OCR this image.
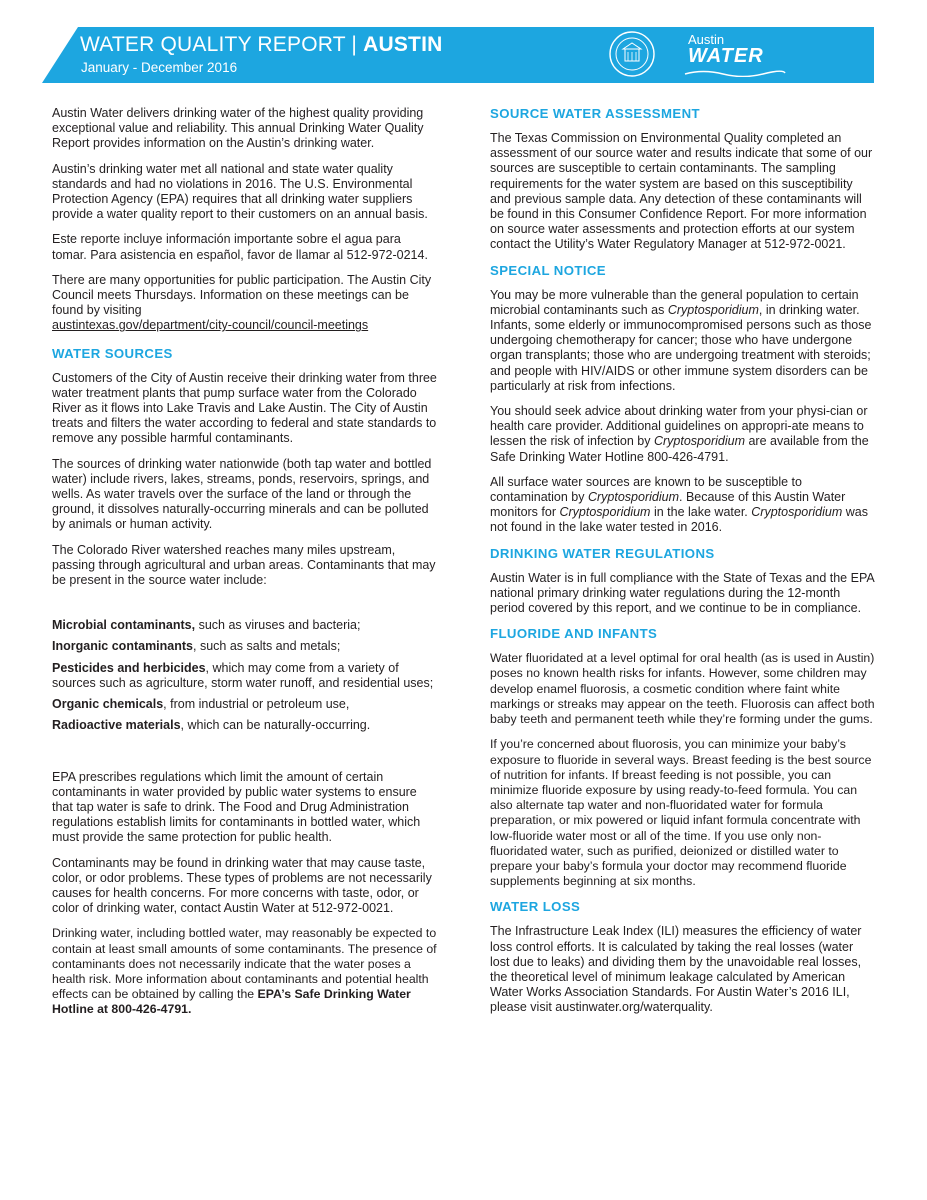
WATER QUALITY REPORT | AUSTIN
January - December 2016
Austin
WATER

Austin Water delivers drinking water of the highest quality providing exceptional value and reliability. This annual Drinking Water Quality Report provides information on the Austin’s drinking water.

Austin’s drinking water met all national and state water quality standards and had no violations in 2016. The U.S. Environmental Protection Agency (EPA) requires that all drinking water suppliers provide a water quality report to their customers on an annual basis.

Este reporte incluye información importante sobre el agua para tomar. Para asistencia en español, favor de llamar al 512-972-0214.

There are many opportunities for public participation. The Austin City Council meets Thursdays. Information on these meetings can be found by visiting
austintexas.gov/department/city-council/council-meetings

WATER SOURCES

Customers of the City of Austin receive their drinking water from three water treatment plants that pump surface water from the Colorado River as it flows into Lake Travis and Lake Austin. The City of Austin treats and filters the water according to federal and state standards to remove any possible harmful contaminants.

The sources of drinking water nationwide (both tap water and bottled water) include rivers, lakes, streams, ponds, reservoirs, springs, and wells. As water travels over the surface of the land or through the ground, it dissolves naturally-occurring minerals and can be polluted by animals or human activity.

The Colorado River watershed reaches many miles upstream, passing through agricultural and urban areas. Contaminants that may be present in the source water include:

Microbial contaminants, such as viruses and bacteria;

Inorganic contaminants, such as salts and metals;

Pesticides and herbicides, which may come from a variety of sources such as agriculture, storm water runoff, and residential uses;

Organic chemicals, from industrial or petroleum use,

Radioactive materials, which can be naturally-occurring.

EPA prescribes regulations which limit the amount of certain contaminants in water provided by public water systems to ensure that tap water is safe to drink. The Food and Drug Administration regulations establish limits for contaminants in bottled water, which must provide the same protection for public health.

Contaminants may be found in drinking water that may cause taste, color, or odor problems. These types of problems are not necessarily causes for health concerns. For more concerns with taste, odor, or color of drinking water, contact Austin Water at 512-972-0021.

Drinking water, including bottled water, may reasonably be expected to contain at least small amounts of some contaminants. The presence of contaminants does not necessarily indicate that the water poses a health risk. More information about contaminants and potential health effects can be obtained by calling the EPA’s Safe Drinking Water Hotline at 800-426-4791.

SOURCE WATER ASSESSMENT

The Texas Commission on Environmental Quality completed an assessment of our source water and results indicate that some of our sources are susceptible to certain contaminants. The sampling requirements for the water system are based on this susceptibility and previous sample data. Any detection of these contaminants will be found in this Consumer Confidence Report. For more information on source water assessments and protection efforts at our system contact the Utility’s Water Regulatory Manager at 512-972-0021.

SPECIAL NOTICE

You may be more vulnerable than the general population to certain microbial contaminants such as Cryptosporidium, in drinking water. Infants, some elderly or immunocompromised persons such as those undergoing chemotherapy for cancer; those who have undergone organ transplants; those who are undergoing treatment with steroids; and people with HIV/AIDS or other immune system disorders can be particularly at risk from infections.

You should seek advice about drinking water from your physi-cian or health care provider. Additional guidelines on appropri-ate means to lessen the risk of infection by Cryptosporidium are available from the Safe Drinking Water Hotline 800-426-4791.

All surface water sources are known to be susceptible to contamination by Cryptosporidium. Because of this Austin Water monitors for Cryptosporidium in the lake water. Cryptosporidium was not found in the lake water tested in 2016.

DRINKING WATER REGULATIONS

Austin Water is in full compliance with the State of Texas and the EPA national primary drinking water regulations during the 12-month period covered by this report, and we continue to be in compliance.

FLUORIDE AND INFANTS

Water fluoridated at a level optimal for oral health (as is used in Austin) poses no known health risks for infants. However, some children may develop enamel fluorosis, a cosmetic condition where faint white markings or streaks may appear on the teeth. Fluorosis can affect both baby teeth and permanent teeth while they’re forming under the gums.

If you’re concerned about fluorosis, you can minimize your baby’s exposure to fluoride in several ways. Breast feeding is the best source of nutrition for infants. If breast feeding is not possible, you can minimize fluoride exposure by using ready-to-feed formula. You can also alternate tap water and non-fluoridated water for formula preparation, or mix powered or liquid infant formula concentrate with low-fluoride water most or all of the time. If you use only non-fluoridated water, such as purified, deionized or distilled water to prepare your baby’s formula your doctor may recommend fluoride supplements beginning at six months.

WATER LOSS

The Infrastructure Leak Index (ILI) measures the efficiency of water loss control efforts. It is calculated by taking the real losses (water lost due to leaks) and dividing them by the unavoidable real losses, the theoretical level of minimum leakage calculated by American Water Works Association Standards. For Austin Water’s 2016 ILI, please visit austinwater.org/waterquality.
